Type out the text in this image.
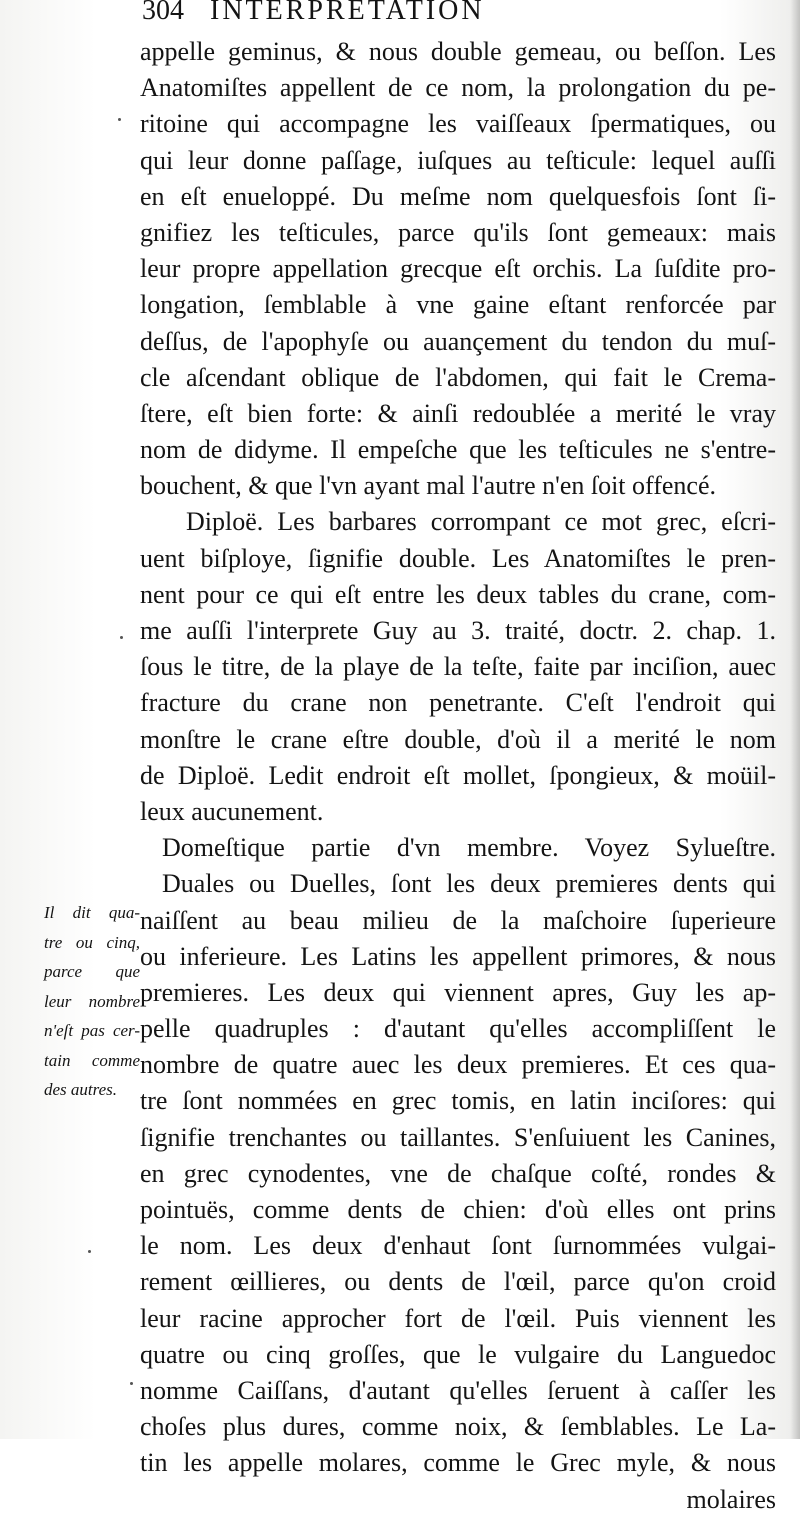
304 INTERPRETATION
appelle geminus, & nous double gemeau, ou beſſon. Les
Anatomiſtes appellent de ce nom, la prolongation du pe-
ritoine qui accompagne les vaiſſeaux ſpermatiques, ou
qui leur donne paſſage, iuſques au teſticule: lequel auſſi
en eſt enueloppé. Du meſme nom quelquesfois ſont ſi-
gnifiez les teſticules, parce qu'ils ſont gemeaux: mais
leur propre appellation grecque eſt orchis. La ſuſdite pro-
longation, ſemblable à vne gaine eſtant renforcée par
deſſus, de l'apophyſe ou auançement du tendon du muſ-
cle aſcendant oblique de l'abdomen, qui fait le Crema-
ſtere, eſt bien forte: & ainſi redoublée a merité le vray
nom de didyme. Il empeſche que les teſticules ne s'entre-
bouchent, & que l'vn ayant mal l'autre n'en ſoit offencé.
Diploë. Les barbares corrompant ce mot grec, eſcri-
uent biſploye, ſignifie double. Les Anatomiſtes le pren-
nent pour ce qui eſt entre les deux tables du crane, com-
me auſſi l'interprete Guy au 3. traité, doctr. 2. chap. 1.
ſous le titre, de la playe de la teſte, faite par inciſion, auec
fracture du crane non penetrante. C'eſt l'endroit qui
monſtre le crane eſtre double, d'où il a merité le nom
de Diploë. Ledit endroit eſt mollet, ſpongieux, & moüil-
leux aucunement.
Domeſtique partie d'vn membre. Voyez Sylueſtre.
Duales ou Duelles, ſont les deux premieres dents qui
naiſſent au beau milieu de la maſchoire ſuperieure
ou inferieure. Les Latins les appellent primores, & nous
premieres. Les deux qui viennent apres, Guy les ap-
pelle quadruples : d'autant qu'elles accompliſſent le
nombre de quatre auec les deux premieres. Et ces qua-
tre ſont nommées en grec tomis, en latin inciſores: qui
ſignifie trenchantes ou taillantes. S'enſuiuent les Canines,
en grec cynodentes, vne de chaſque coſté, rondes &
pointuës, comme dents de chien: d'où elles ont prins
le nom. Les deux d'enhaut ſont ſurnommées vulgai-
rement œillieres, ou dents de l'œil, parce qu'on croid
leur racine approcher fort de l'œil. Puis viennent les
quatre ou cinq groſſes, que le vulgaire du Languedoc
nomme Caiſſans, d'autant qu'elles ſeruent à caſſer les
choſes plus dures, comme noix, & ſemblables. Le La-
tin les appelle molares, comme le Grec myle, & nous
molaires
Il dit qua-
tre ou cinq,
parce que
leur nombre
n'eſt pas cer-
tain comme
des autres.
